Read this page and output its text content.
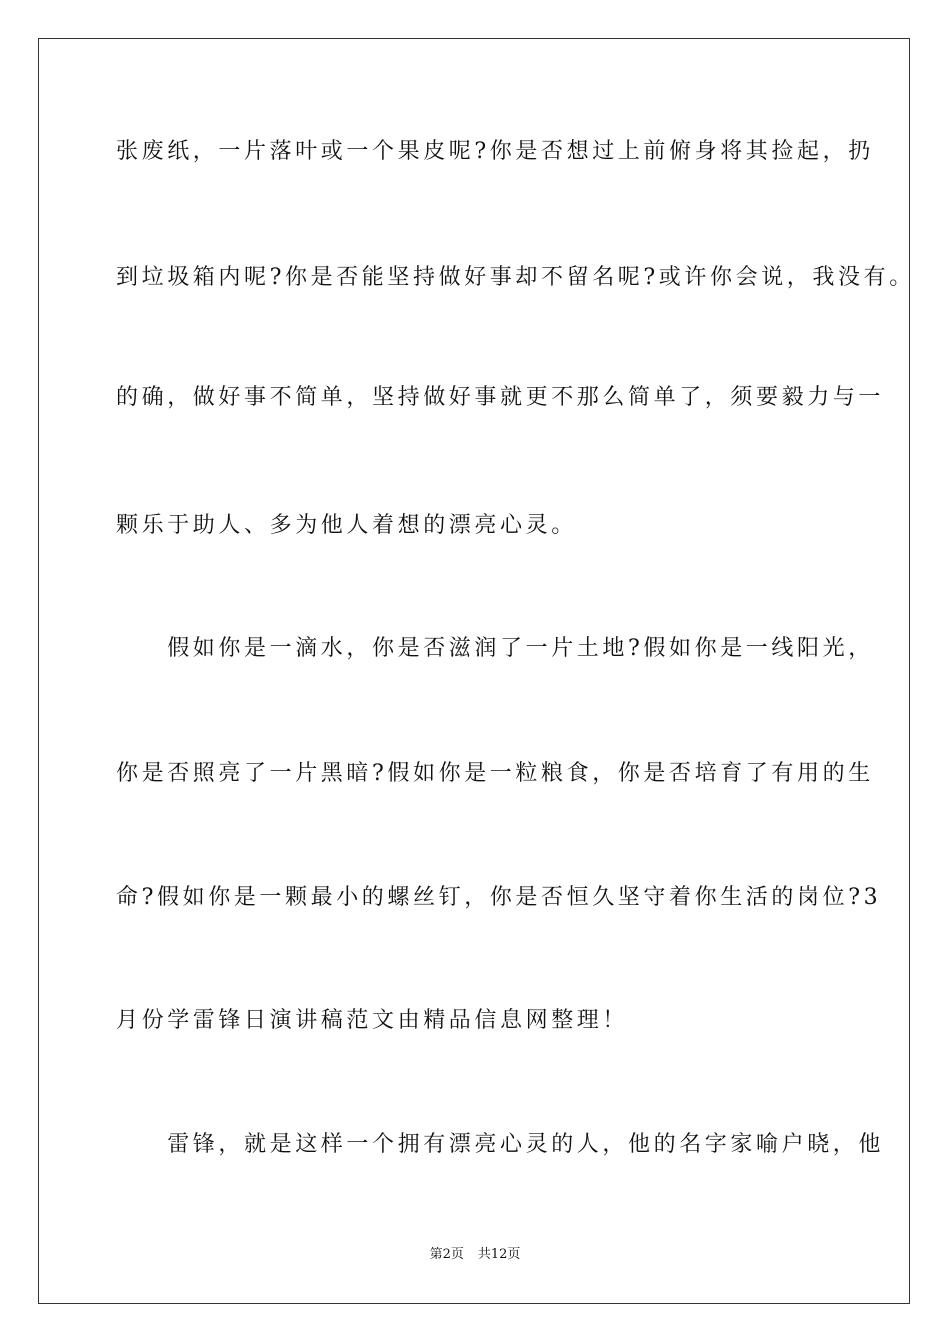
张废纸，一片落叶或一个果皮呢?你是否想过上前俯身将其捡起，扔
到垃圾箱内呢?你是否能坚持做好事却不留名呢?或许你会说，我没有。
的确，做好事不简单，坚持做好事就更不那么简单了，须要毅力与一
颗乐于助人、多为他人着想的漂亮心灵。
　　假如你是一滴水，你是否滋润了一片土地?假如你是一线阳光，
你是否照亮了一片黑暗?假如你是一粒粮食，你是否培育了有用的生
命?假如你是一颗最小的螺丝钉，你是否恒久坚守着你生活的岗位?3
月份学雷锋日演讲稿范文由精品信息网整理！
　　雷锋，就是这样一个拥有漂亮心灵的人，他的名字家喻户晓，他
第2页 共12页
